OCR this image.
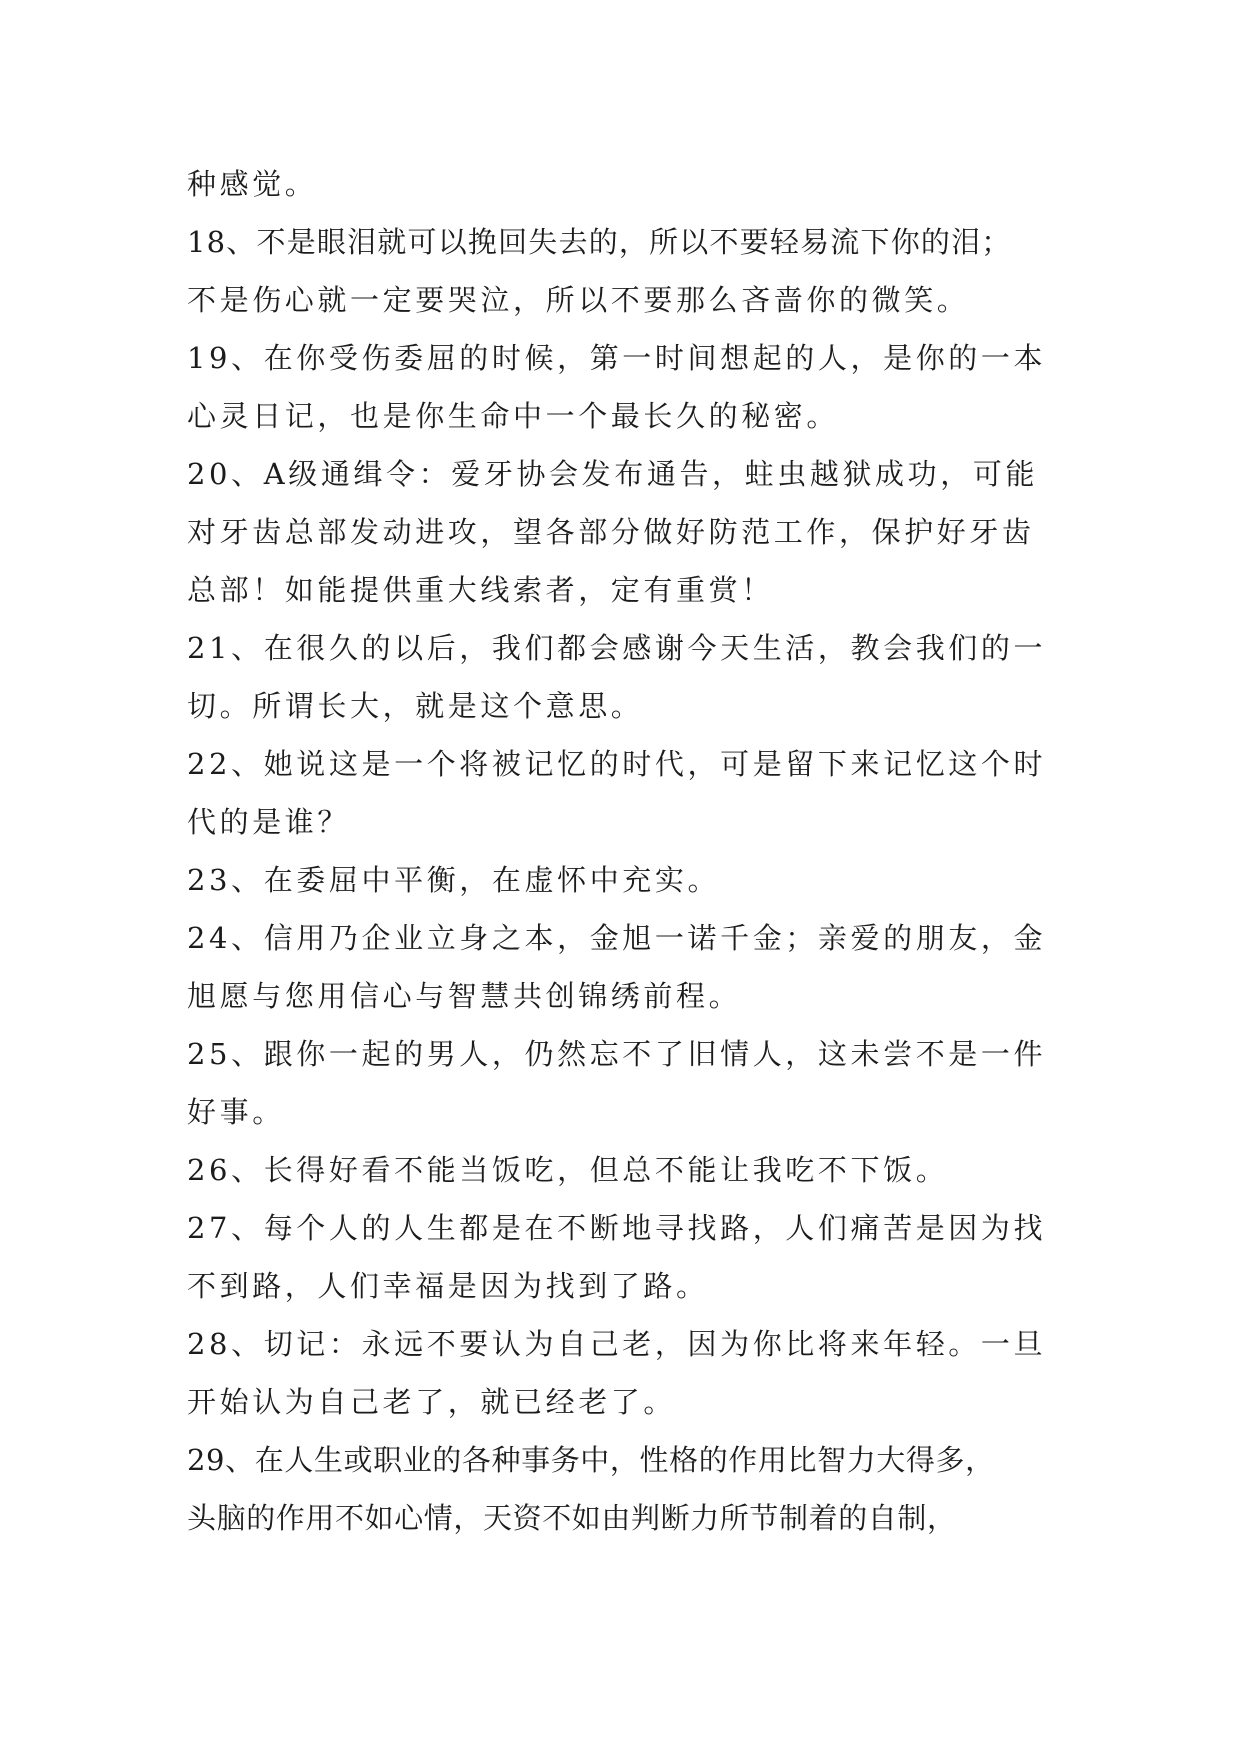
种感觉。
18、不是眼泪就可以挽回失去的，所以不要轻易流下你的泪；
不是伤心就一定要哭泣，所以不要那么吝啬你的微笑。
19、在你受伤委屈的时候，第一时间想起的人，是你的一本
心灵日记，也是你生命中一个最长久的秘密。
20、A级通缉令：爱牙协会发布通告，蛀虫越狱成功，可能
对牙齿总部发动进攻，望各部分做好防范工作，保护好牙齿
总部！如能提供重大线索者，定有重赏！
21、在很久的以后，我们都会感谢今天生活，教会我们的一
切。所谓长大，就是这个意思。
22、她说这是一个将被记忆的时代，可是留下来记忆这个时
代的是谁？
23、在委屈中平衡，在虚怀中充实。
24、信用乃企业立身之本，金旭一诺千金；亲爱的朋友，金
旭愿与您用信心与智慧共创锦绣前程。
25、跟你一起的男人，仍然忘不了旧情人，这未尝不是一件
好事。
26、长得好看不能当饭吃，但总不能让我吃不下饭。
27、每个人的人生都是在不断地寻找路，人们痛苦是因为找
不到路，人们幸福是因为找到了路。
28、切记：永远不要认为自己老，因为你比将来年轻。一旦
开始认为自己老了，就已经老了。
29、在人生或职业的各种事务中，性格的作用比智力大得多，
头脑的作用不如心情，天资不如由判断力所节制着的自制，
